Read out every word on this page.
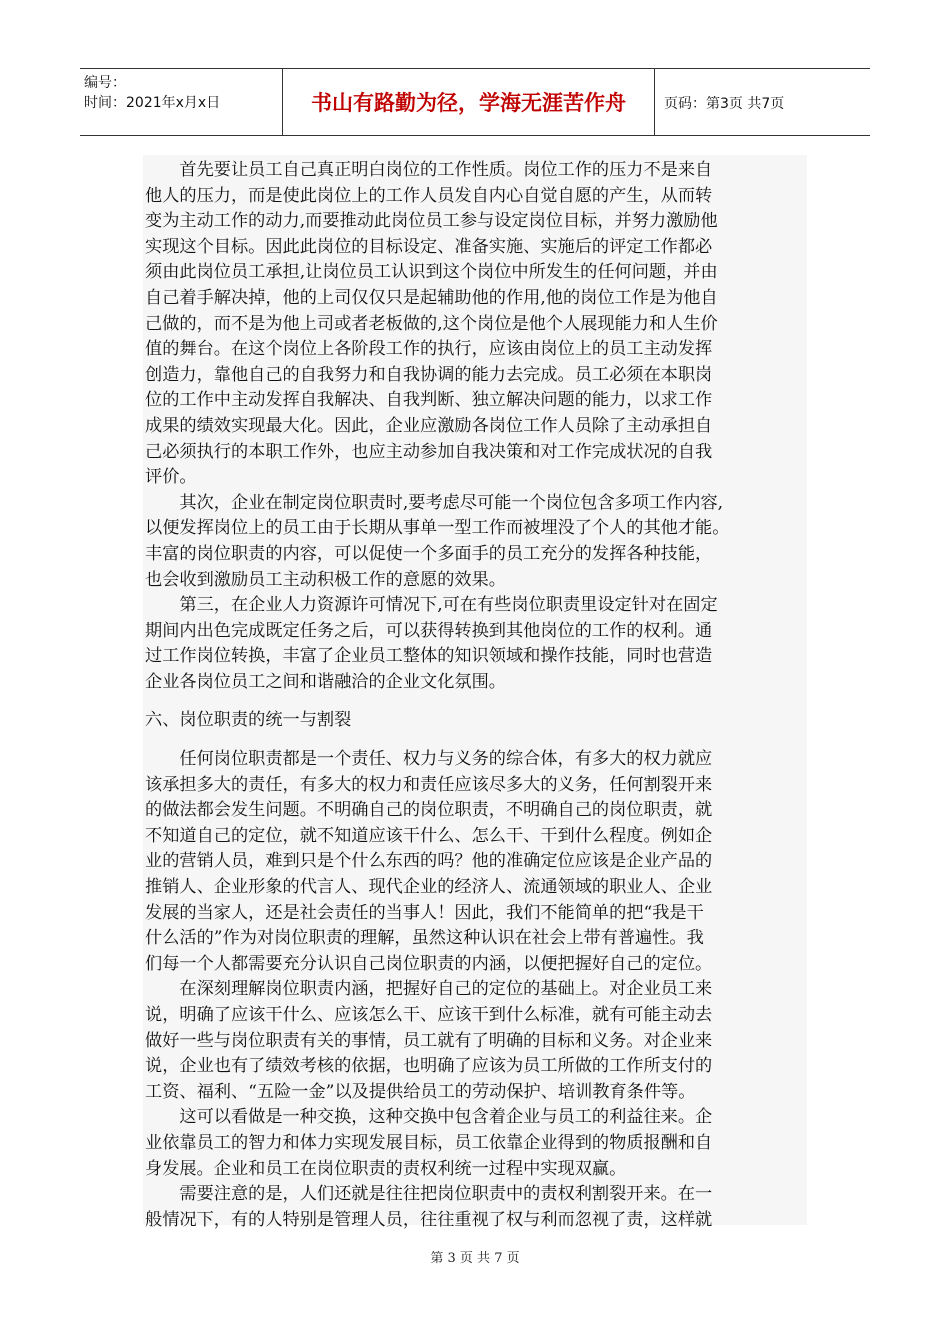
编号：
时间：2021年x月x日	书山有路勤为径，学海无涯苦作舟	页码：第3页 共7页
　　首先要让员工自己真正明白岗位的工作性质。岗位工作的压力不是来自
他人的压力，而是使此岗位上的工作人员发自内心自觉自愿的产生，从而转
变为主动工作的动力,而要推动此岗位员工参与设定岗位目标，并努力激励他
实现这个目标。因此此岗位的目标设定、准备实施、实施后的评定工作都必
须由此岗位员工承担,让岗位员工认识到这个岗位中所发生的任何问题，并由
自己着手解决掉，他的上司仅仅只是起辅助他的作用,他的岗位工作是为他自
己做的，而不是为他上司或者老板做的,这个岗位是他个人展现能力和人生价
值的舞台。在这个岗位上各阶段工作的执行，应该由岗位上的员工主动发挥
创造力，靠他自己的自我努力和自我协调的能力去完成。员工必须在本职岗
位的工作中主动发挥自我解决、自我判断、独立解决问题的能力，以求工作
成果的绩效实现最大化。因此，企业应激励各岗位工作人员除了主动承担自
己必须执行的本职工作外，也应主动参加自我决策和对工作完成状况的自我
评价。
　　其次，企业在制定岗位职责时,要考虑尽可能一个岗位包含多项工作内容,
以便发挥岗位上的员工由于长期从事单一型工作而被埋没了个人的其他才能。
丰富的岗位职责的内容，可以促使一个多面手的员工充分的发挥各种技能，
也会收到激励员工主动积极工作的意愿的效果。
　　第三，在企业人力资源许可情况下,可在有些岗位职责里设定针对在固定
期间内出色完成既定任务之后，可以获得转换到其他岗位的工作的权利。通
过工作岗位转换，丰富了企业员工整体的知识领域和操作技能，同时也营造
企业各岗位员工之间和谐融洽的企业文化氛围。
六、岗位职责的统一与割裂
　　任何岗位职责都是一个责任、权力与义务的综合体，有多大的权力就应
该承担多大的责任，有多大的权力和责任应该尽多大的义务，任何割裂开来
的做法都会发生问题。不明确自己的岗位职责，不明确自己的岗位职责，就
不知道自己的定位，就不知道应该干什么、怎么干、干到什么程度。例如企
业的营销人员，难到只是个什么东西的吗？他的准确定位应该是企业产品的
推销人、企业形象的代言人、现代企业的经济人、流通领域的职业人、企业
发展的当家人，还是社会责任的当事人！因此，我们不能简单的把“我是干
什么活的”作为对岗位职责的理解，虽然这种认识在社会上带有普遍性。我
们每一个人都需要充分认识自己岗位职责的内涵，以便把握好自己的定位。
　　在深刻理解岗位职责内涵，把握好自己的定位的基础上。对企业员工来
说，明确了应该干什么、应该怎么干、应该干到什么标准，就有可能主动去
做好一些与岗位职责有关的事情，员工就有了明确的目标和义务。对企业来
说，企业也有了绩效考核的依据，也明确了应该为员工所做的工作所支付的
工资、福利、“五险一金”以及提供给员工的劳动保护、培训教育条件等。
　　这可以看做是一种交换，这种交换中包含着企业与员工的利益往来。企
业依靠员工的智力和体力实现发展目标，员工依靠企业得到的物质报酬和自
身发展。企业和员工在岗位职责的责权利统一过程中实现双赢。
　　需要注意的是，人们还就是往往把岗位职责中的责权利割裂开来。在一
般情况下，有的人特别是管理人员，往往重视了权与利而忽视了责，这样就
第 3 页 共 7 页
